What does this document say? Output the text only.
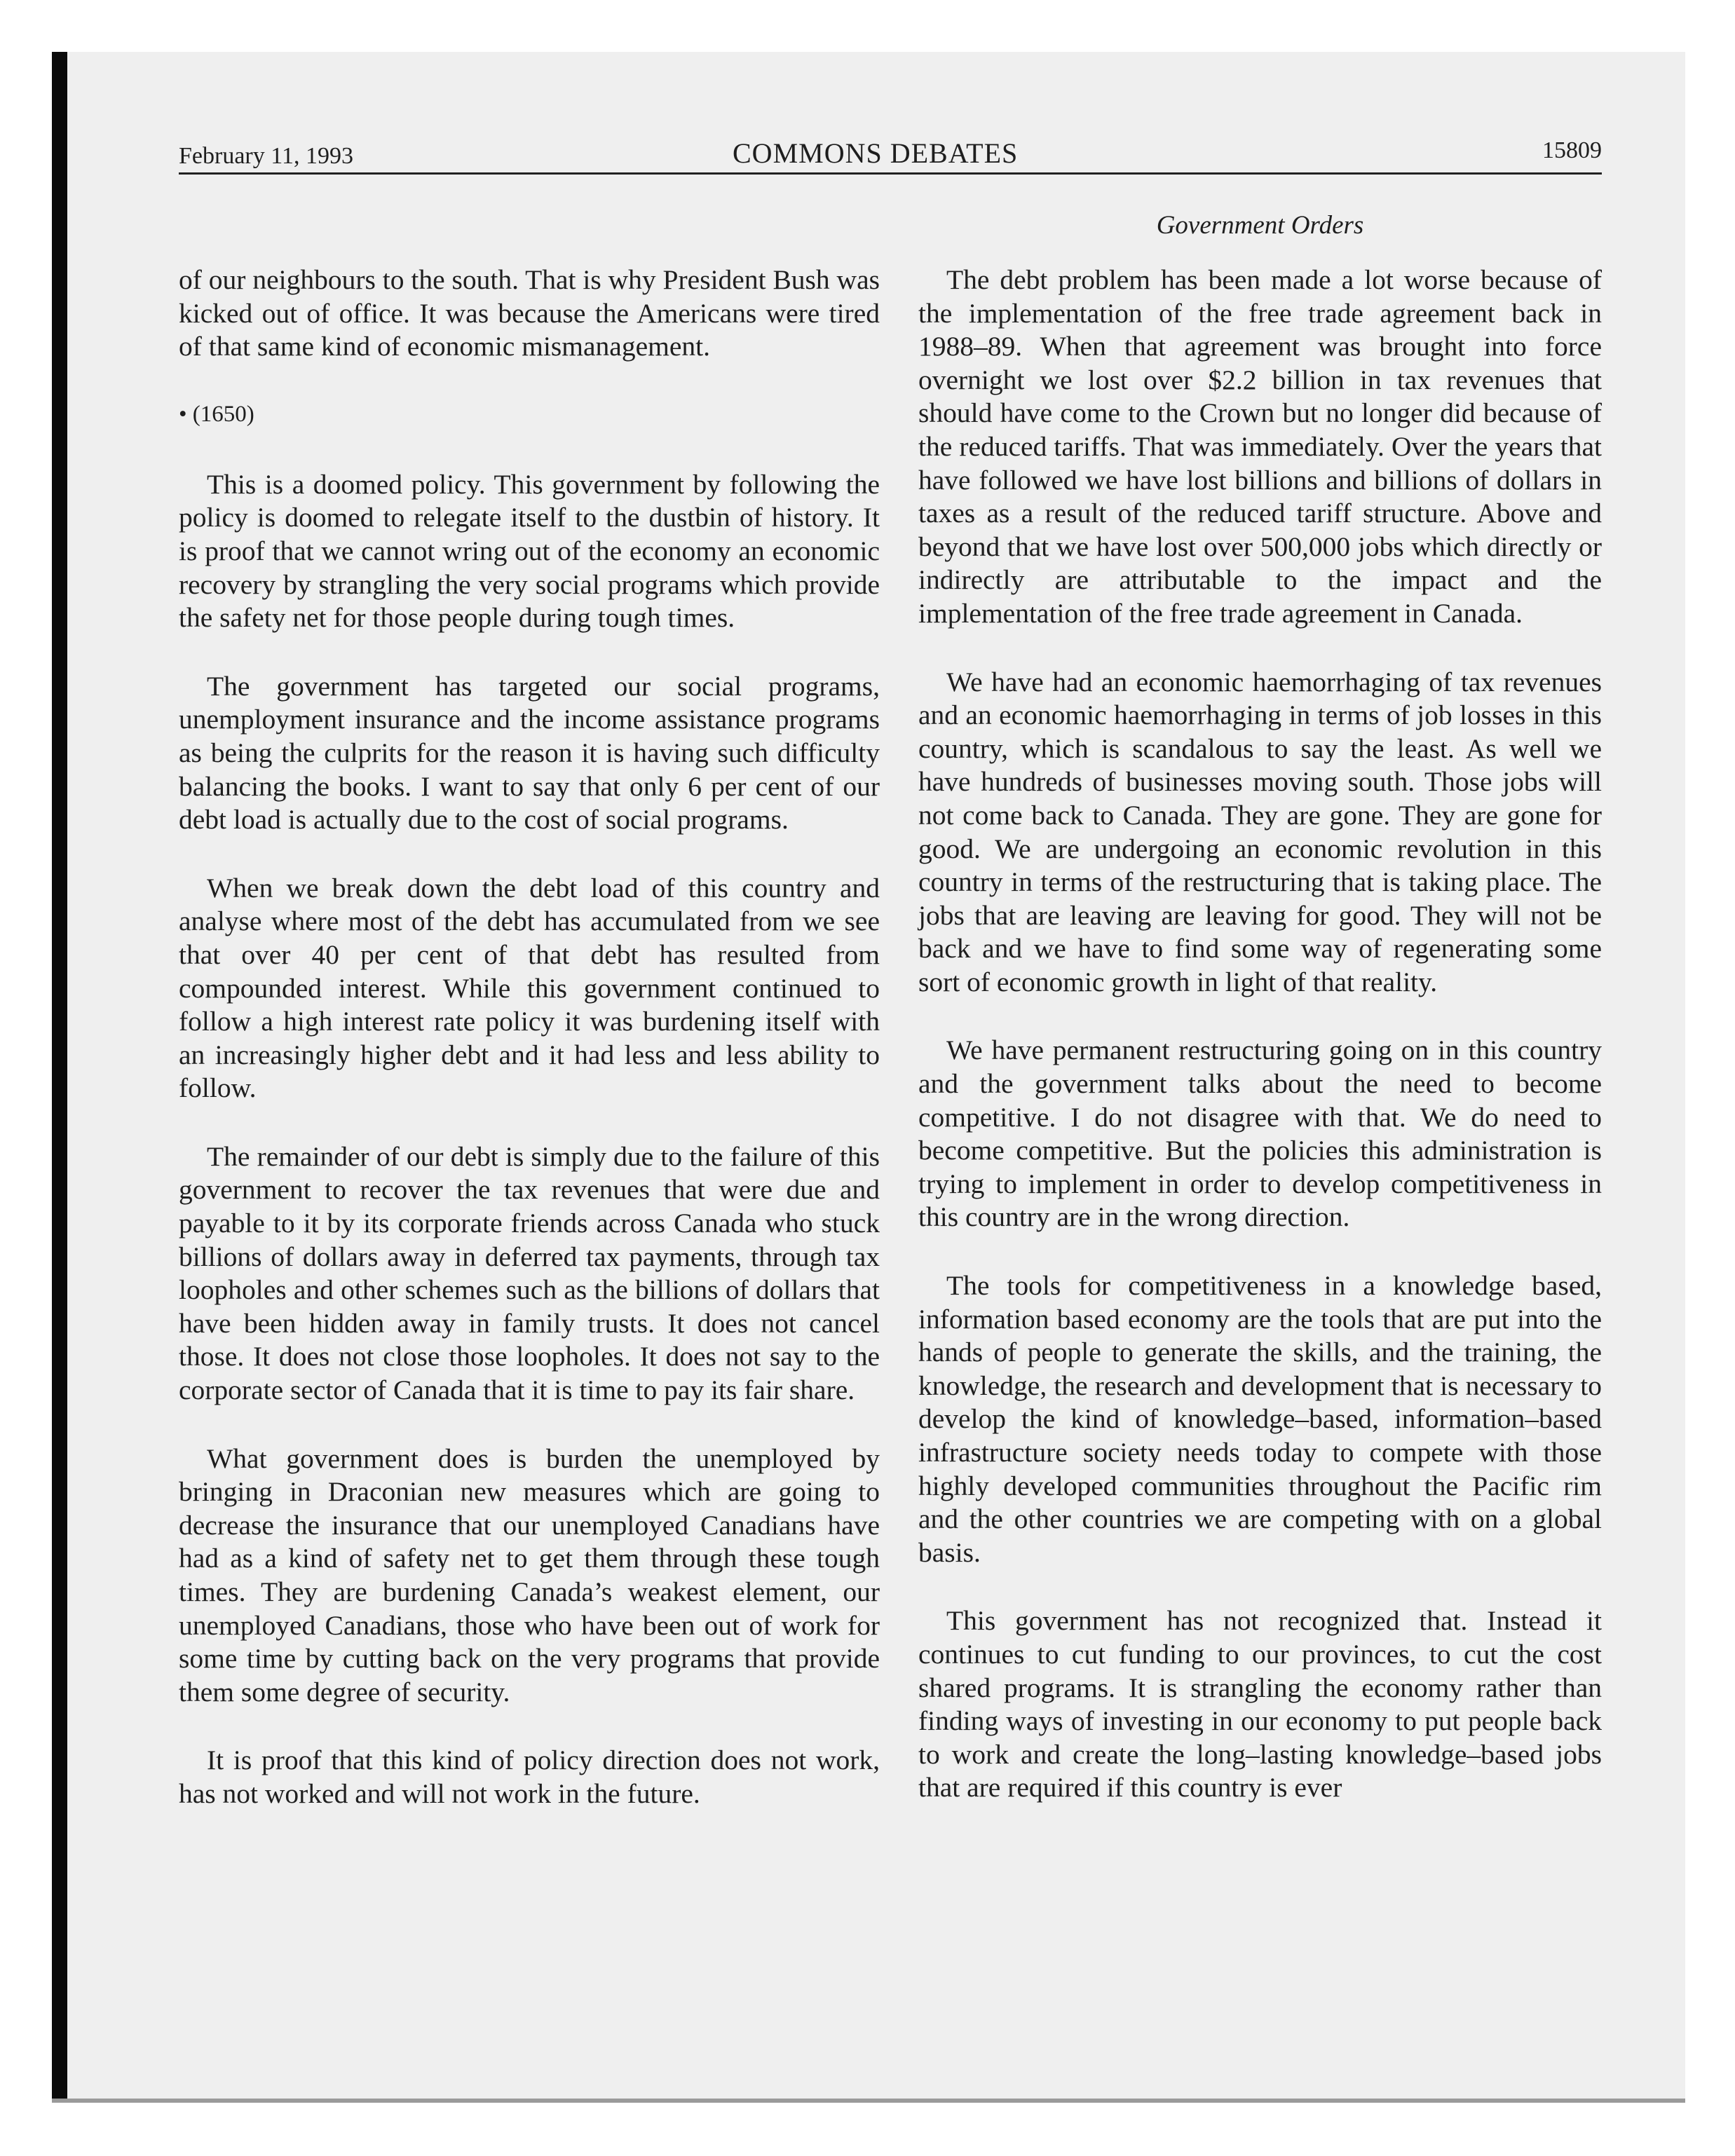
February 11, 1993	COMMONS DEBATES	15809
Government Orders

of our neighbours to the south. That is why President Bush was kicked out of office. It was because the Americans were tired of that same kind of economic mismanagement.

• (1650)

This is a doomed policy. This government by following the policy is doomed to relegate itself to the dustbin of history. It is proof that we cannot wring out of the economy an economic recovery by strangling the very social programs which provide the safety net for those people during tough times.

The government has targeted our social programs, unemployment insurance and the income assistance programs as being the culprits for the reason it is having such difficulty balancing the books. I want to say that only 6 per cent of our debt load is actually due to the cost of social programs.

When we break down the debt load of this country and analyse where most of the debt has accumulated from we see that over 40 per cent of that debt has resulted from compounded interest. While this government continued to follow a high interest rate policy it was burdening itself with an increasingly higher debt and it had less and less ability to follow.

The remainder of our debt is simply due to the failure of this government to recover the tax revenues that were due and payable to it by its corporate friends across Canada who stuck billions of dollars away in deferred tax payments, through tax loopholes and other schemes such as the billions of dollars that have been hidden away in family trusts. It does not cancel those. It does not close those loopholes. It does not say to the corporate sector of Canada that it is time to pay its fair share.

What government does is burden the unemployed by bringing in Draconian new measures which are going to decrease the insurance that our unemployed Canadians have had as a kind of safety net to get them through these tough times. They are burdening Canada’s weakest element, our unemployed Canadians, those who have been out of work for some time by cutting back on the very programs that provide them some degree of security.

It is proof that this kind of policy direction does not work, has not worked and will not work in the future.

The debt problem has been made a lot worse because of the implementation of the free trade agreement back in 1988–89. When that agreement was brought into force overnight we lost over $2.2 billion in tax revenues that should have come to the Crown but no longer did because of the reduced tariffs. That was immediately. Over the years that have followed we have lost billions and billions of dollars in taxes as a result of the reduced tariff structure. Above and beyond that we have lost over 500,000 jobs which directly or indirectly are attributable to the impact and the implementation of the free trade agreement in Canada.

We have had an economic haemorrhaging of tax revenues and an economic haemorrhaging in terms of job losses in this country, which is scandalous to say the least. As well we have hundreds of businesses moving south. Those jobs will not come back to Canada. They are gone. They are gone for good. We are undergoing an economic revolution in this country in terms of the restructuring that is taking place. The jobs that are leaving are leaving for good. They will not be back and we have to find some way of regenerating some sort of economic growth in light of that reality.

We have permanent restructuring going on in this country and the government talks about the need to become competitive. I do not disagree with that. We do need to become competitive. But the policies this administration is trying to implement in order to develop competitiveness in this country are in the wrong direction.

The tools for competitiveness in a knowledge based, information based economy are the tools that are put into the hands of people to generate the skills, and the training, the knowledge, the research and development that is necessary to develop the kind of knowledge–based, information–based infrastructure society needs today to compete with those highly developed communities throughout the Pacific rim and the other countries we are competing with on a global basis.

This government has not recognized that. Instead it continues to cut funding to our provinces, to cut the cost shared programs. It is strangling the economy rather than finding ways of investing in our economy to put people back to work and create the long–lasting knowledge–based jobs that are required if this country is ever
